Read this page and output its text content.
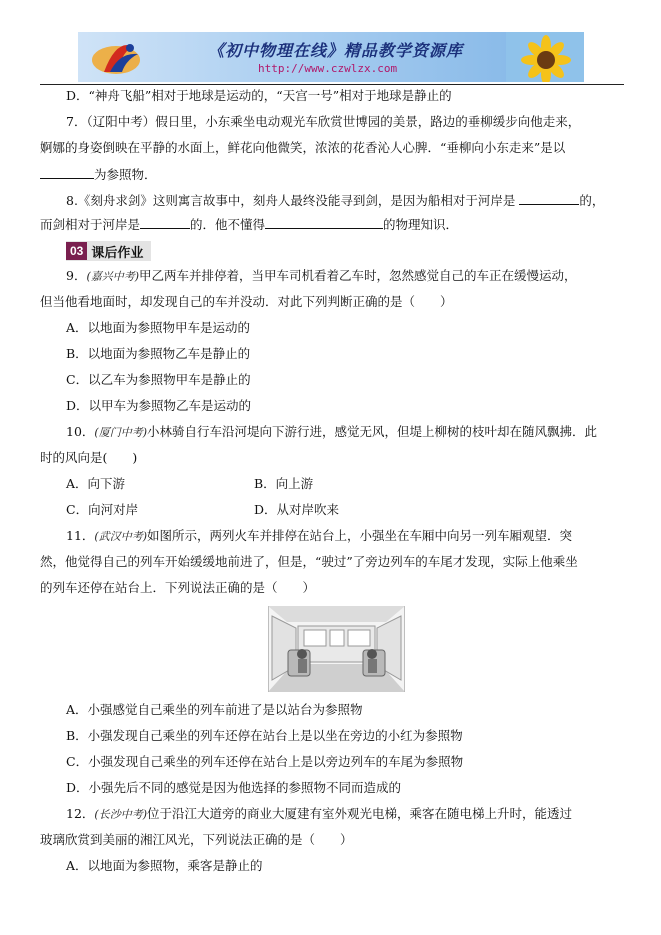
《初中物理在线》精品教学资源库
http://www.czwlzx.com
D．“神舟飞船”相对于地球是运动的，“天宫一号”相对于地球是静止的
7．（辽阳中考）假日里，小东乘坐电动观光车欣赏世博园的美景，路边的垂柳缓步向他走来，
婀娜的身姿倒映在平静的水面上，鲜花向他微笑，浓浓的花香沁人心脾．“垂柳向小东走来”是以
为参照物．
8.《刻舟求剑》这则寓言故事中，刻舟人最终没能寻到剑，是因为船相对于河岸是	的，
而剑相对于河岸是	的．他不懂得	的物理知识．
03 课后作业
9．(嘉兴中考)甲乙两车并排停着，当甲车司机看着乙车时，忽然感觉自己的车正在缓慢运动，
但当他看地面时，却发现自己的车并没动．对此下列判断正确的是（　　）
A．以地面为参照物甲车是运动的
B．以地面为参照物乙车是静止的
C．以乙车为参照物甲车是静止的
D．以甲车为参照物乙车是运动的
10．(厦门中考)小林骑自行车沿河堤向下游行进，感觉无风，但堤上柳树的枝叶却在随风飘拂．此
时的风向是(　　)
A．向下游	B．向上游
C．向河对岸	D．从对岸吹来
11．(武汉中考)如图所示，两列火车并排停在站台上，小强坐在车厢中向另一列车厢观望．突
然，他觉得自己的列车开始缓缓地前进了，但是，“驶过”了旁边列车的车尾才发现，实际上他乘坐
的列车还停在站台上．下列说法正确的是（　　）
A．小强感觉自己乘坐的列车前进了是以站台为参照物
B．小强发现自己乘坐的列车还停在站台上是以坐在旁边的小红为参照物
C．小强发现自己乘坐的列车还停在站台上是以旁边列车的车尾为参照物
D．小强先后不同的感觉是因为他选择的参照物不同而造成的
12．(长沙中考)位于沿江大道旁的商业大厦建有室外观光电梯，乘客在随电梯上升时，能透过
玻璃欣赏到美丽的湘江风光，下列说法正确的是（　　）
A．以地面为参照物，乘客是静止的
